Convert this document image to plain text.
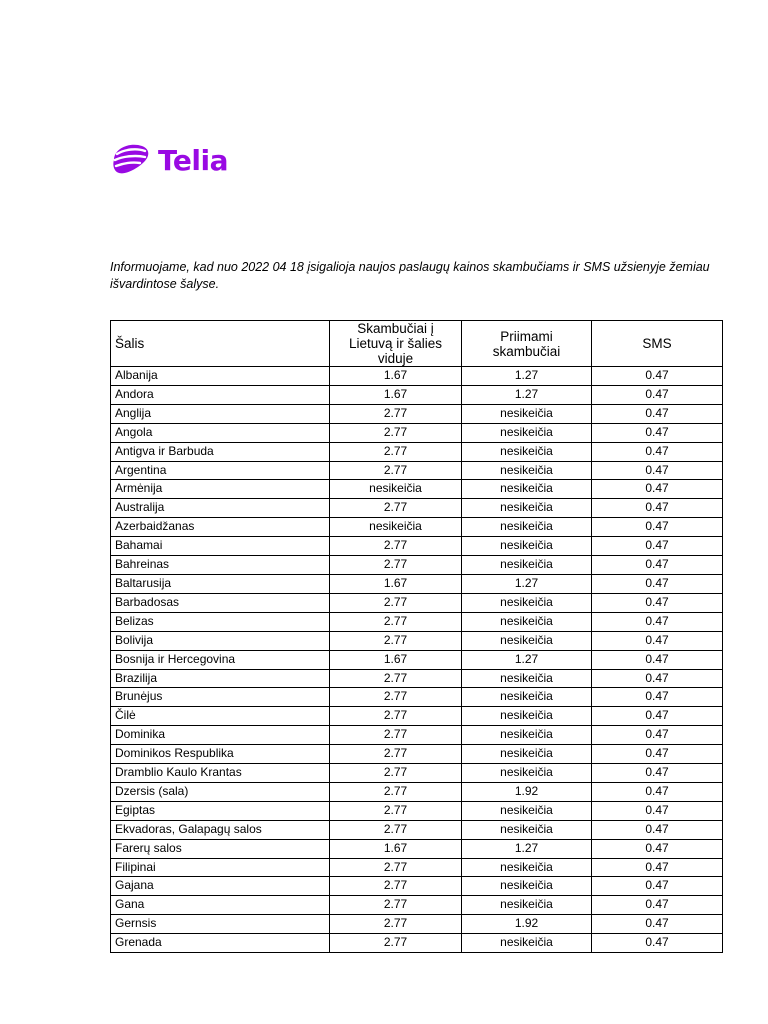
Telia

Informuojame, kad nuo 2022 04 18 įsigalioja naujos paslaugų kainos skambučiams ir SMS užsienyje žemiau išvardintose šalyse.

Šalis	Skambučiai į Lietuvą ir šalies viduje	Priimami skambučiai	SMS
Albanija	1.67	1.27	0.47
Andora	1.67	1.27	0.47
Anglija	2.77	nesikeičia	0.47
Angola	2.77	nesikeičia	0.47
Antigva ir Barbuda	2.77	nesikeičia	0.47
Argentina	2.77	nesikeičia	0.47
Armėnija	nesikeičia	nesikeičia	0.47
Australija	2.77	nesikeičia	0.47
Azerbaidžanas	nesikeičia	nesikeičia	0.47
Bahamai	2.77	nesikeičia	0.47
Bahreinas	2.77	nesikeičia	0.47
Baltarusija	1.67	1.27	0.47
Barbadosas	2.77	nesikeičia	0.47
Belizas	2.77	nesikeičia	0.47
Bolivija	2.77	nesikeičia	0.47
Bosnija ir Hercegovina	1.67	1.27	0.47
Brazilija	2.77	nesikeičia	0.47
Brunėjus	2.77	nesikeičia	0.47
Čilė	2.77	nesikeičia	0.47
Dominika	2.77	nesikeičia	0.47
Dominikos Respublika	2.77	nesikeičia	0.47
Dramblio Kaulo Krantas	2.77	nesikeičia	0.47
Dzersis (sala)	2.77	1.92	0.47
Egiptas	2.77	nesikeičia	0.47
Ekvadoras, Galapagų salos	2.77	nesikeičia	0.47
Farerų salos	1.67	1.27	0.47
Filipinai	2.77	nesikeičia	0.47
Gajana	2.77	nesikeičia	0.47
Gana	2.77	nesikeičia	0.47
Gernsis	2.77	1.92	0.47
Grenada	2.77	nesikeičia	0.47
